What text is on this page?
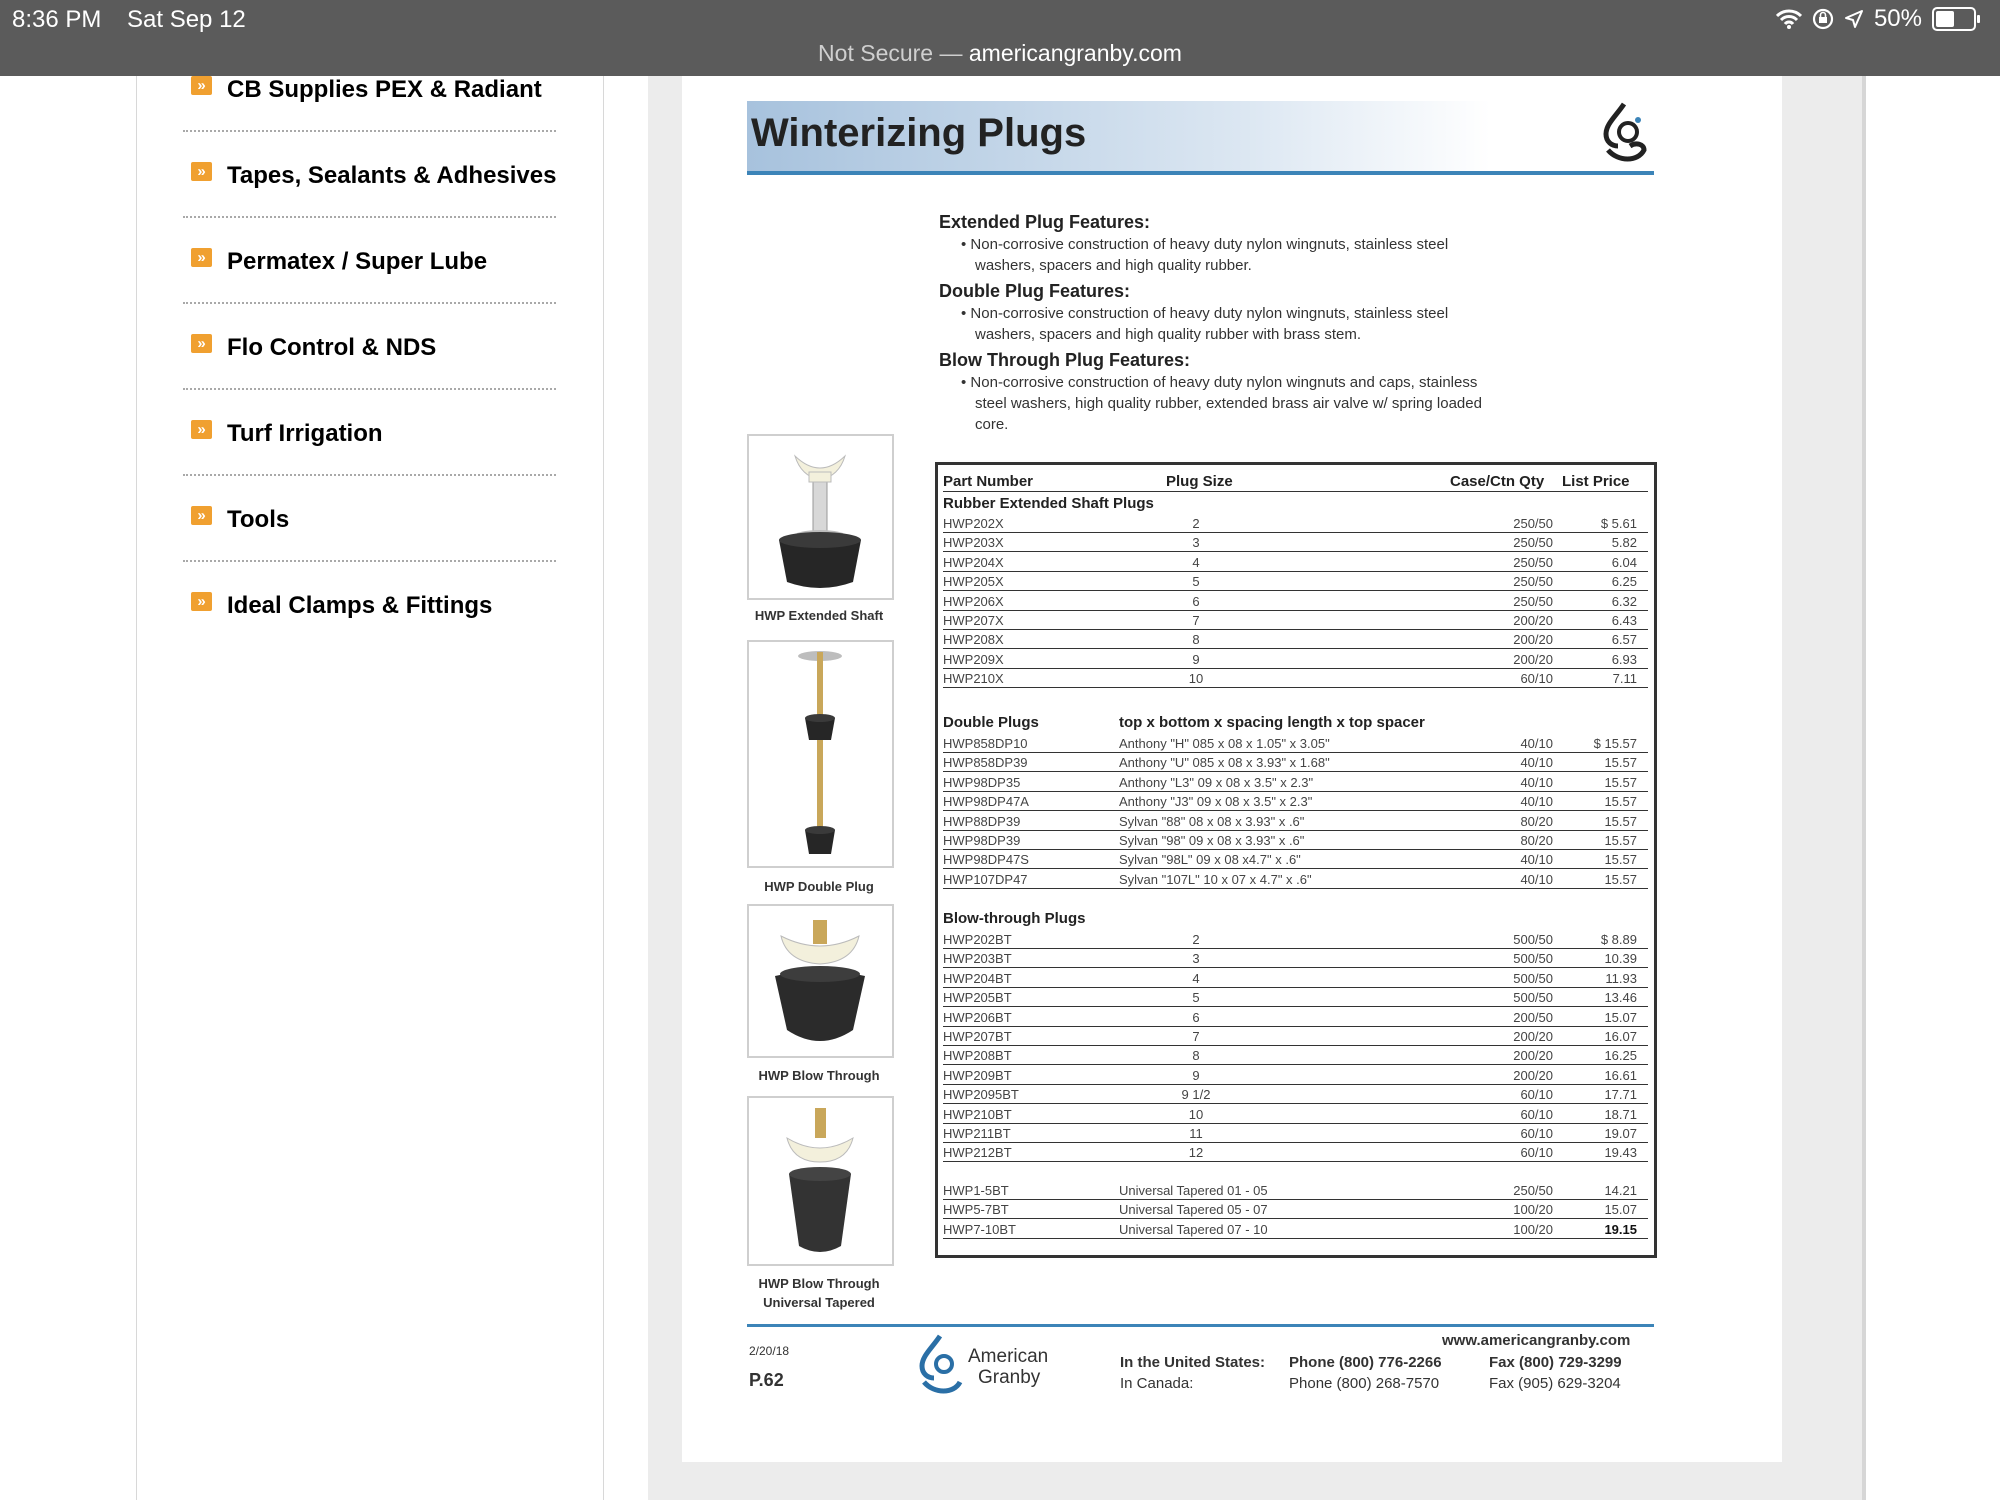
8:36 PM Sat Sep 12
Not Secure — americangranby.com
50%
» CB Supplies PEX & Radiant
» Tapes, Sealants & Adhesives
» Permatex / Super Lube
» Flo Control & NDS
» Turf Irrigation
» Tools
» Ideal Clamps & Fittings
Winterizing Plugs
Extended Plug Features:
• Non-corrosive construction of heavy duty nylon wingnuts, stainless steel washers, spacers and high quality rubber.
Double Plug Features:
• Non-corrosive construction of heavy duty nylon wingnuts, stainless steel washers, spacers and high quality rubber with brass stem.
Blow Through Plug Features:
• Non-corrosive construction of heavy duty nylon wingnuts and caps, stainless steel washers, high quality rubber, extended brass air valve w/ spring loaded core.
HWP Extended Shaft
HWP Double Plug
HWP Blow Through
HWP Blow Through
Universal Tapered
Part Number	Plug Size	Case/Ctn Qty List Price
Rubber Extended Shaft Plugs
HWP202X	2	250/50	$ 5.61
HWP203X	3	250/50	5.82
HWP204X	4	250/50	6.04
HWP205X	5	250/50	6.25
HWP206X	6	250/50	6.32
HWP207X	7	200/20	6.43
HWP208X	8	200/20	6.57
HWP209X	9	200/20	6.93
HWP210X	10	60/10	7.11
Double Plugs	top x bottom x spacing length x top spacer
HWP858DP10	Anthony "H" 085 x 08 x 1.05" x 3.05"	40/10	$ 15.57
HWP858DP39	Anthony "U" 085 x 08 x 3.93" x 1.68"	40/10	15.57
HWP98DP35	Anthony "L3" 09 x 08 x 3.5" x 2.3"	40/10	15.57
HWP98DP47A	Anthony "J3" 09 x 08 x 3.5" x 2.3"	40/10	15.57
HWP88DP39	Sylvan "88" 08 x 08 x 3.93" x .6"	80/20	15.57
HWP98DP39	Sylvan "98" 09 x 08 x 3.93" x .6"	80/20	15.57
HWP98DP47S	Sylvan "98L" 09 x 08 x4.7" x .6"	40/10	15.57
HWP107DP47	Sylvan "107L" 10 x 07 x 4.7" x .6"	40/10	15.57
Blow-through Plugs
HWP202BT	2	500/50	$ 8.89
HWP203BT	3	500/50	10.39
HWP204BT	4	500/50	11.93
HWP205BT	5	500/50	13.46
HWP206BT	6	200/50	15.07
HWP207BT	7	200/20	16.07
HWP208BT	8	200/20	16.25
HWP209BT	9	200/20	16.61
HWP2095BT	9 1/2	60/10	17.71
HWP210BT	10	60/10	18.71
HWP211BT	11	60/10	19.07
HWP212BT	12	60/10	19.43
HWP1-5BT	Universal Tapered 01 - 05	250/50	14.21
HWP5-7BT	Universal Tapered 05 - 07	100/20	15.07
HWP7-10BT	Universal Tapered 07 - 10	100/20	19.15
2/20/18
P.62
American
Granby
www.americangranby.com
In the United States: Phone (800) 776-2266	Fax (800) 729-3299
In Canada:	Phone (800) 268-7570	Fax (905) 629-3204
